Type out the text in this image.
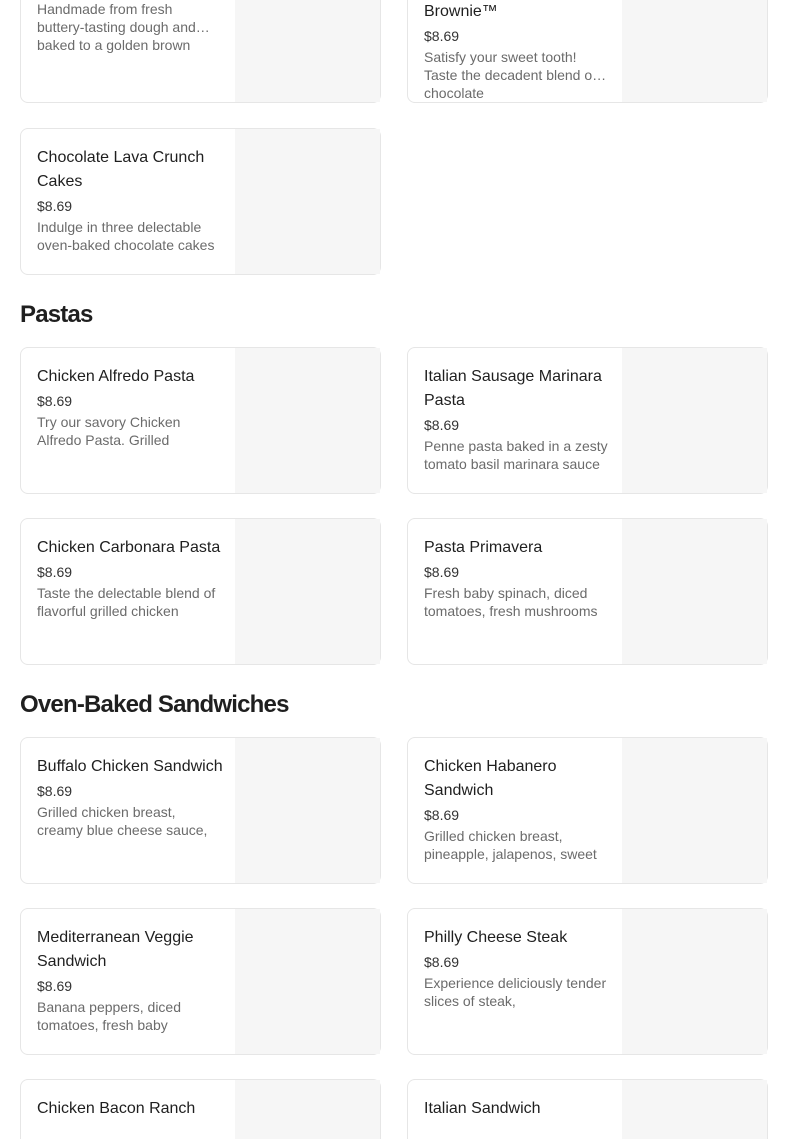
Handmade from fresh buttery-tasting dough and baked to a golden brown
Brownie™
$8.69
Satisfy your sweet tooth! Taste the decadent blend of chocolate
Chocolate Lava Crunch Cakes
$8.69
Indulge in three delectable oven-baked chocolate cakes
Pastas
Chicken Alfredo Pasta
$8.69
Try our savory Chicken Alfredo Pasta. Grilled
Italian Sausage Marinara Pasta
$8.69
Penne pasta baked in a zesty tomato basil marinara sauce
Chicken Carbonara Pasta
$8.69
Taste the delectable blend of flavorful grilled chicken
Pasta Primavera
$8.69
Fresh baby spinach, diced tomatoes, fresh mushrooms
Oven-Baked Sandwiches
Buffalo Chicken Sandwich
$8.69
Grilled chicken breast, creamy blue cheese sauce,
Chicken Habanero Sandwich
$8.69
Grilled chicken breast, pineapple, jalapenos, sweet
Mediterranean Veggie Sandwich
$8.69
Banana peppers, diced tomatoes, fresh baby
Philly Cheese Steak
$8.69
Experience deliciously tender slices of steak,
Chicken Bacon Ranch	Italian Sandwich
